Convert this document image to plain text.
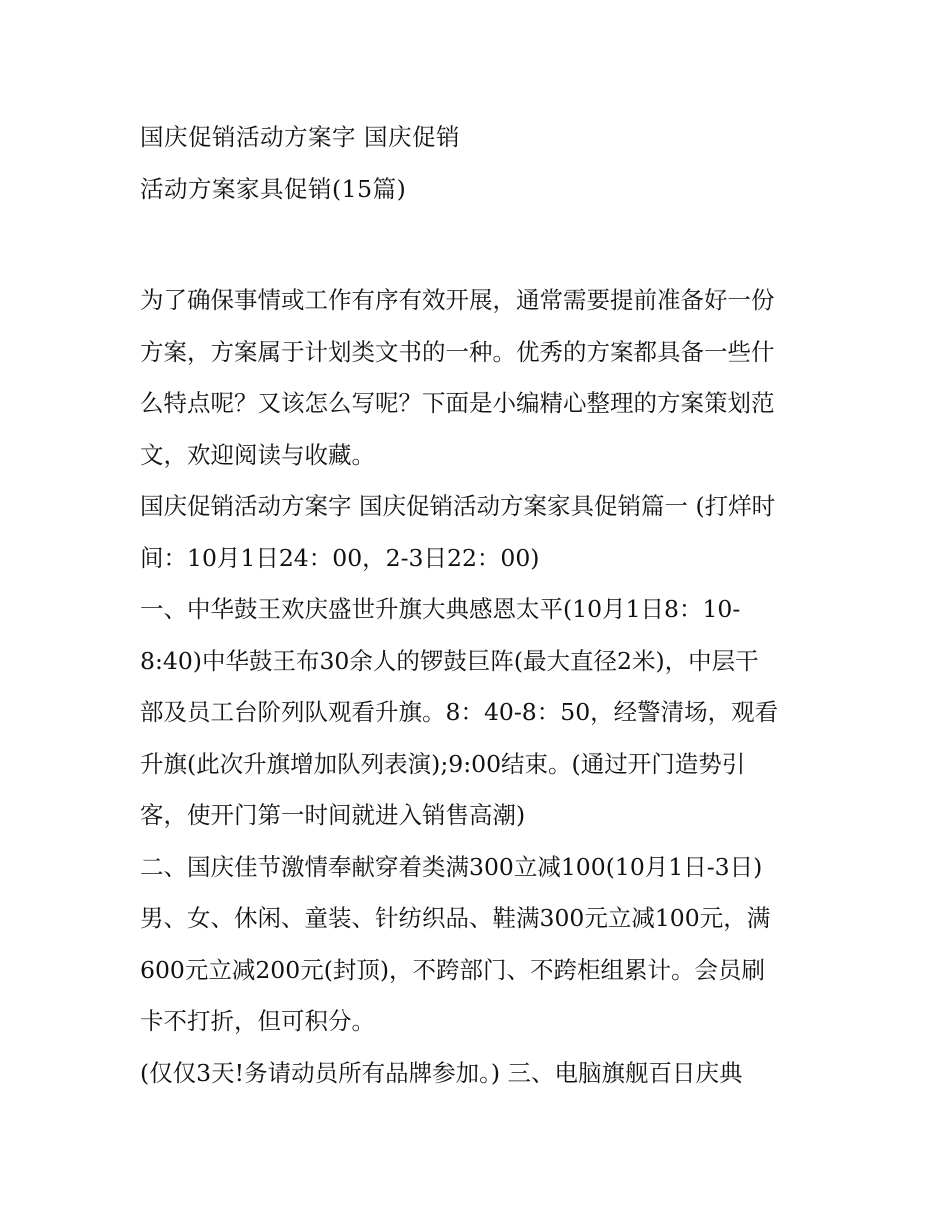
国庆促销活动方案字 国庆促销
活动方案家具促销(15篇)
为了确保事情或工作有序有效开展，通常需要提前准备好一份
方案，方案属于计划类文书的一种。优秀的方案都具备一些什
么特点呢？又该怎么写呢？下面是小编精心整理的方案策划范
文，欢迎阅读与收藏。
国庆促销活动方案字 国庆促销活动方案家具促销篇一 (打烊时
间：10月1日24：00，2-3日22：00)
一、中华鼓王欢庆盛世升旗大典感恩太平(10月1日8：10-
8:40)中华鼓王布30余人的锣鼓巨阵(最大直径2米)，中层干
部及员工台阶列队观看升旗。8：40-8：50，经警清场，观看
升旗(此次升旗增加队列表演);9:00结束。(通过开门造势引
客，使开门第一时间就进入销售高潮)
二、国庆佳节激情奉献穿着类满300立减100(10月1日-3日)
男、女、休闲、童装、针纺织品、鞋满300元立减100元，满
600元立减200元(封顶)，不跨部门、不跨柜组累计。会员刷
卡不打折，但可积分。
(仅仅3天!务请动员所有品牌参加。) 三、电脑旗舰百日庆典
